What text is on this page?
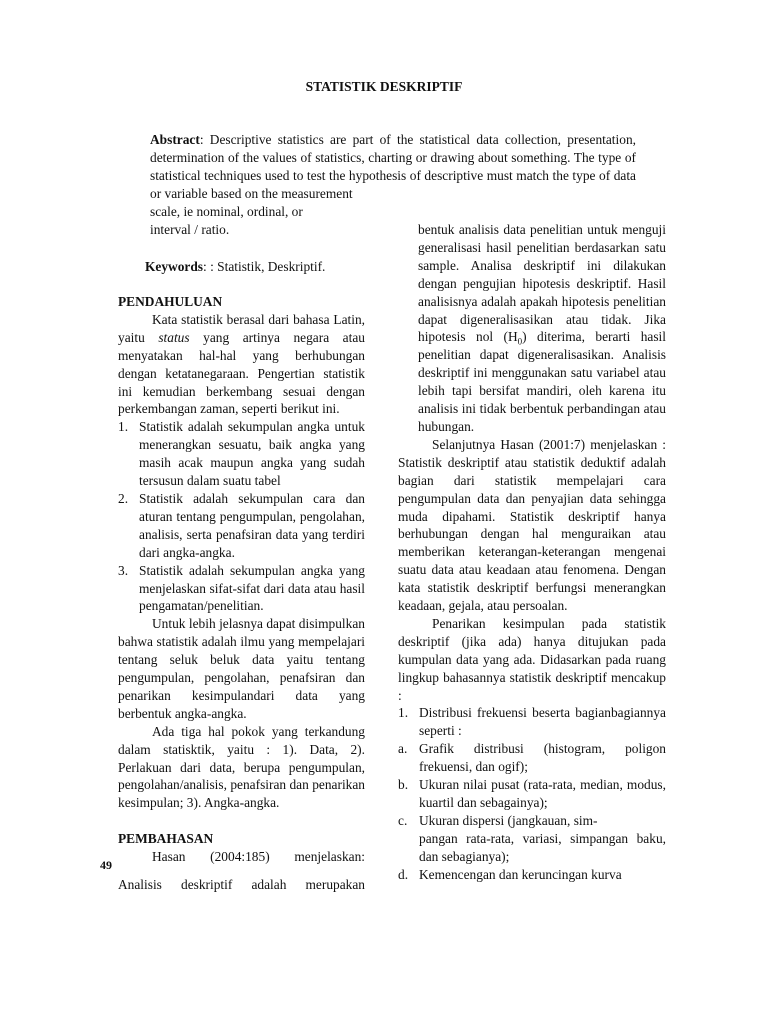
STATISTIK DESKRIPTIF
Abstract: Descriptive statistics are part of the statistical data collection, presentation, determination of the values of statistics, charting or drawing about something. The type of statistical techniques used to test the hypothesis of descriptive must match the type of data or variable based on the measurement
scale, ie nominal, ordinal, or
interval / ratio.
Keywords: : Statistik, Deskriptif.
PENDAHULUAN
Kata statistik berasal dari bahasa Latin, yaitu status yang artinya negara atau menyatakan hal-hal yang berhubungan dengan ketatanegaraan. Pengertian statistik ini kemudian berkembang sesuai dengan perkembangan zaman, seperti berikut ini.
1. Statistik adalah sekumpulan angka untuk menerangkan sesuatu, baik angka yang masih acak maupun angka yang sudah tersusun dalam suatu tabel
2. Statistik adalah sekumpulan cara dan aturan tentang pengumpulan, pengolahan, analisis, serta penafsiran data yang terdiri dari angka-angka.
3. Statistik adalah sekumpulan angka yang menjelaskan sifat-sifat dari data atau hasil pengamatan/penelitian.
Untuk lebih jelasnya dapat disimpulkan bahwa statistik adalah ilmu yang mempelajari tentang seluk beluk data yaitu tentang pengumpulan, pengolahan, penafsiran dan penarikan kesimpulandari data yang berbentuk angka-angka.
Ada tiga hal pokok yang terkandung dalam statisktik, yaitu : 1). Data, 2). Perlakuan dari data, berupa pengumpulan, pengolahan/analisis, penafsiran dan penarikan kesimpulan; 3). Angka-angka.
PEMBAHASAN
Hasan (2004:185) menjelaskan:
49
Analisis deskriptif adalah merupakan
bentuk analisis data penelitian untuk menguji generalisasi hasil penelitian berdasarkan satu sample. Analisa deskriptif ini dilakukan dengan pengujian hipotesis deskriptif. Hasil analisisnya adalah apakah hipotesis penelitian dapat digeneralisasikan atau tidak. Jika hipotesis nol $(H_0)$ diterima, berarti hasil penelitian dapat digeneralisasikan. Analisis deskriptif ini menggunakan satu variabel atau lebih tapi bersifat mandiri, oleh karena itu analisis ini tidak berbentuk perbandingan atau hubungan.
Selanjutnya Hasan (2001:7) menjelaskan : Statistik deskriptif atau statistik deduktif adalah bagian dari statistik mempelajari cara pengumpulan data dan penyajian data sehingga muda dipahami. Statistik deskriptif hanya berhubungan dengan hal menguraikan atau memberikan keterangan-keterangan mengenai suatu data atau keadaan atau fenomena. Dengan kata statistik deskriptif berfungsi menerangkan keadaan, gejala, atau persoalan.
Penarikan kesimpulan pada statistik deskriptif (jika ada) hanya ditujukan pada kumpulan data yang ada. Didasarkan pada ruang lingkup bahasannya statistik deskriptif mencakup :
1. Distribusi frekuensi beserta bagianbagiannya seperti :
a. Grafik distribusi (histogram, poligon frekuensi, dan ogif);
b. Ukuran nilai pusat (rata-rata, median, modus, kuartil dan sebagainya);
c. Ukuran dispersi (jangkauan, sim-
pangan rata-rata, variasi, simpangan baku, dan sebagianya);
d. Kemencengan dan keruncingan kurva
